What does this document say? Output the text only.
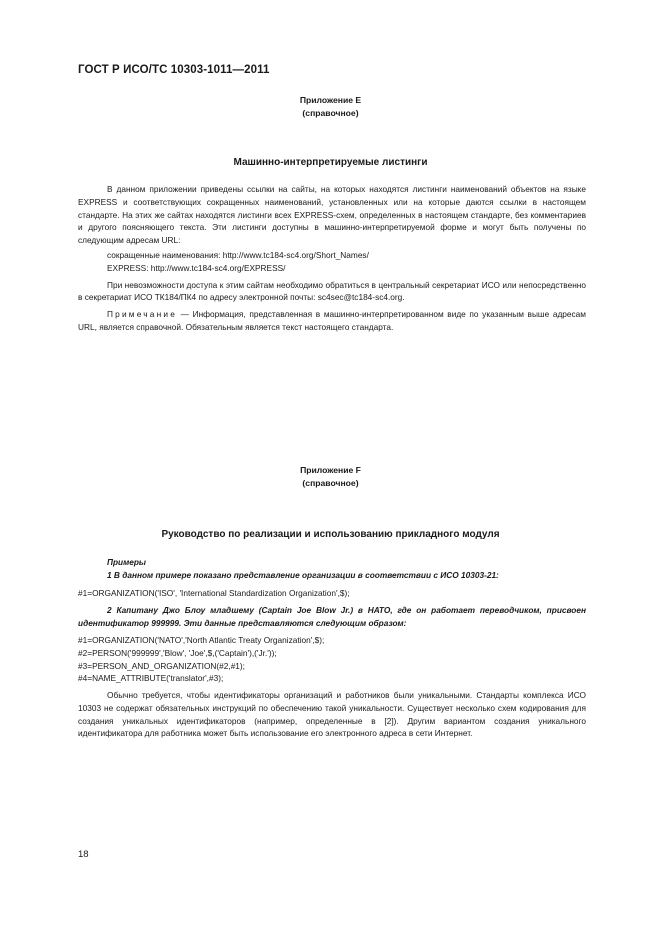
ГОСТ Р ИСО/ТС 10303-1011—2011
Приложение E
(справочное)
Машинно-интерпретируемые листинги

В данном приложении приведены ссылки на сайты, на которых находятся листинги наименований объектов на языке EXPRESS и соответствующих сокращенных наименований, установленных или на которые даются ссылки в настоящем стандарте. На этих же сайтах находятся листинги всех EXPRESS-схем, определенных в настоящем стандарте, без комментариев и другого поясняющего текста. Эти листинги доступны в машинно-интерпретируемой форме и могут быть получены по следующим адресам URL:

сокращенные наименования: http://www.tc184-sc4.org/Short_Names/
EXPRESS: http://www.tc184-sc4.org/EXPRESS/

При невозможности доступа к этим сайтам необходимо обратиться в центральный секретариат ИСО или непосредственно в секретариат ИСО ТК184/ПК4 по адресу электронной почты: sc4sec@tc184-sc4.org.

Примечание — Информация, представленная в машинно-интерпретированном виде по указанным выше адресам URL, является справочной. Обязательным является текст настоящего стандарта.

Приложение F
(справочное)
Руководство по реализации и использованию прикладного модуля

Примеры

1 В данном примере показано представление организации в соответствии с ИСО 10303-21:

#1=ORGANIZATION('ISO', 'International Standardization Organization',$);

2 Капитану Джо Блоу младшему (Captain Joe Blow Jr.) в НАТО, где он работает переводчиком, присвоен идентификатор 999999. Эти данные представляются следующим образом:

#1=ORGANIZATION('NATO','North Atlantic Treaty Organization',$);
#2=PERSON('999999','Blow', 'Joe',$,('Captain'),('Jr.'));
#3=PERSON_AND_ORGANIZATION(#2,#1);
#4=NAME_ATTRIBUTE('translator',#3);

Обычно требуется, чтобы идентификаторы организаций и работников были уникальными. Стандарты комплекса ИСО 10303 не содержат обязательных инструкций по обеспечению такой уникальности. Существует несколько схем кодирования для создания уникальных идентификаторов (например, определенные в [2]). Другим вариантом создания уникального идентификатора для работника может быть использование его электронного адреса в сети Интернет.

18
